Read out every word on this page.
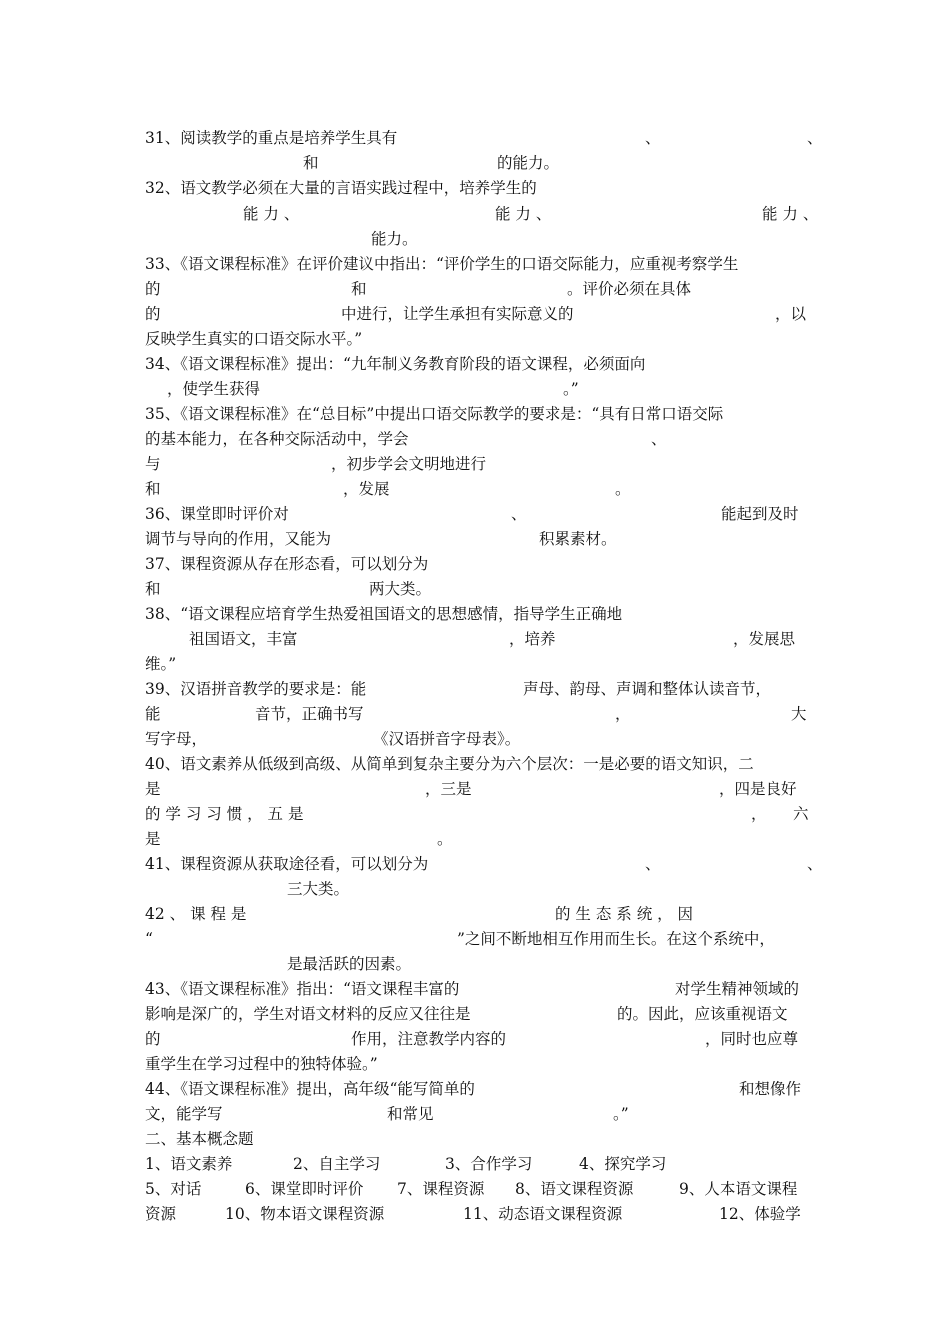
31、阅读教学的重点是培养学生具有	、	、
和	的能力。
32、语文教学必须在大量的言语实践过程中，培养学生的
能 力 、	能 力 、	能 力 、
能力。
33、《语文课程标准》在评价建议中指出：“评价学生的口语交际能力，应重视考察学生
的	和	。评价必须在具体
的	中进行，让学生承担有实际意义的	，以
反映学生真实的口语交际水平。”
34、《语文课程标准》提出：“九年制义务教育阶段的语文课程，必须面向
，使学生获得	。”
35、《语文课程标准》在“总目标”中提出口语交际教学的要求是：“具有日常口语交际
的基本能力，在各种交际活动中，学会	、
与	，初步学会文明地进行
和	，发展	。
36、课堂即时评价对	、	能起到及时
调节与导向的作用，又能为	积累素材。
37、课程资源从存在形态看，可以划分为
和	两大类。
38、“语文课程应培育学生热爱祖国语文的思想感情，指导学生正确地
祖国语文，丰富	，培养	，发展思
维。”
39、汉语拼音教学的要求是：能	声母、韵母、声调和整体认读音节，
能	音节，正确书写	，	大
写字母，	《汉语拼音字母表》。
40、语文素养从低级到高级、从简单到复杂主要分为六个层次：一是必要的语文知识，二
是	，三是	，四是良好
的 学 习 习 惯 ， 五 是	， 六
是	。
41、课程资源从获取途径看，可以划分为	、	、
三大类。
42 、 课 程 是	的 生 态 系 统 ， 因
“	”之间不断地相互作用而生长。在这个系统中，
是最活跃的因素。
43、《语文课程标准》指出：“语文课程丰富的	对学生精神领域的
影响是深广的，学生对语文材料的反应又往往是	的。因此，应该重视语文
的	作用，注意教学内容的	，同时也应尊
重学生在学习过程中的独特体验。”
44、《语文课程标准》提出，高年级“能写简单的	和想像作
文，能学写	和常见	。”
二、基本概念题
1、语文素养	2、自主学习	3、合作学习	4、探究学习
5、对话	6、课堂即时评价 7、课程资源 8、语文课程资源	9、人本语文课程
资源	10、物本语文课程资源	11、动态语文课程资源	12、体验学
